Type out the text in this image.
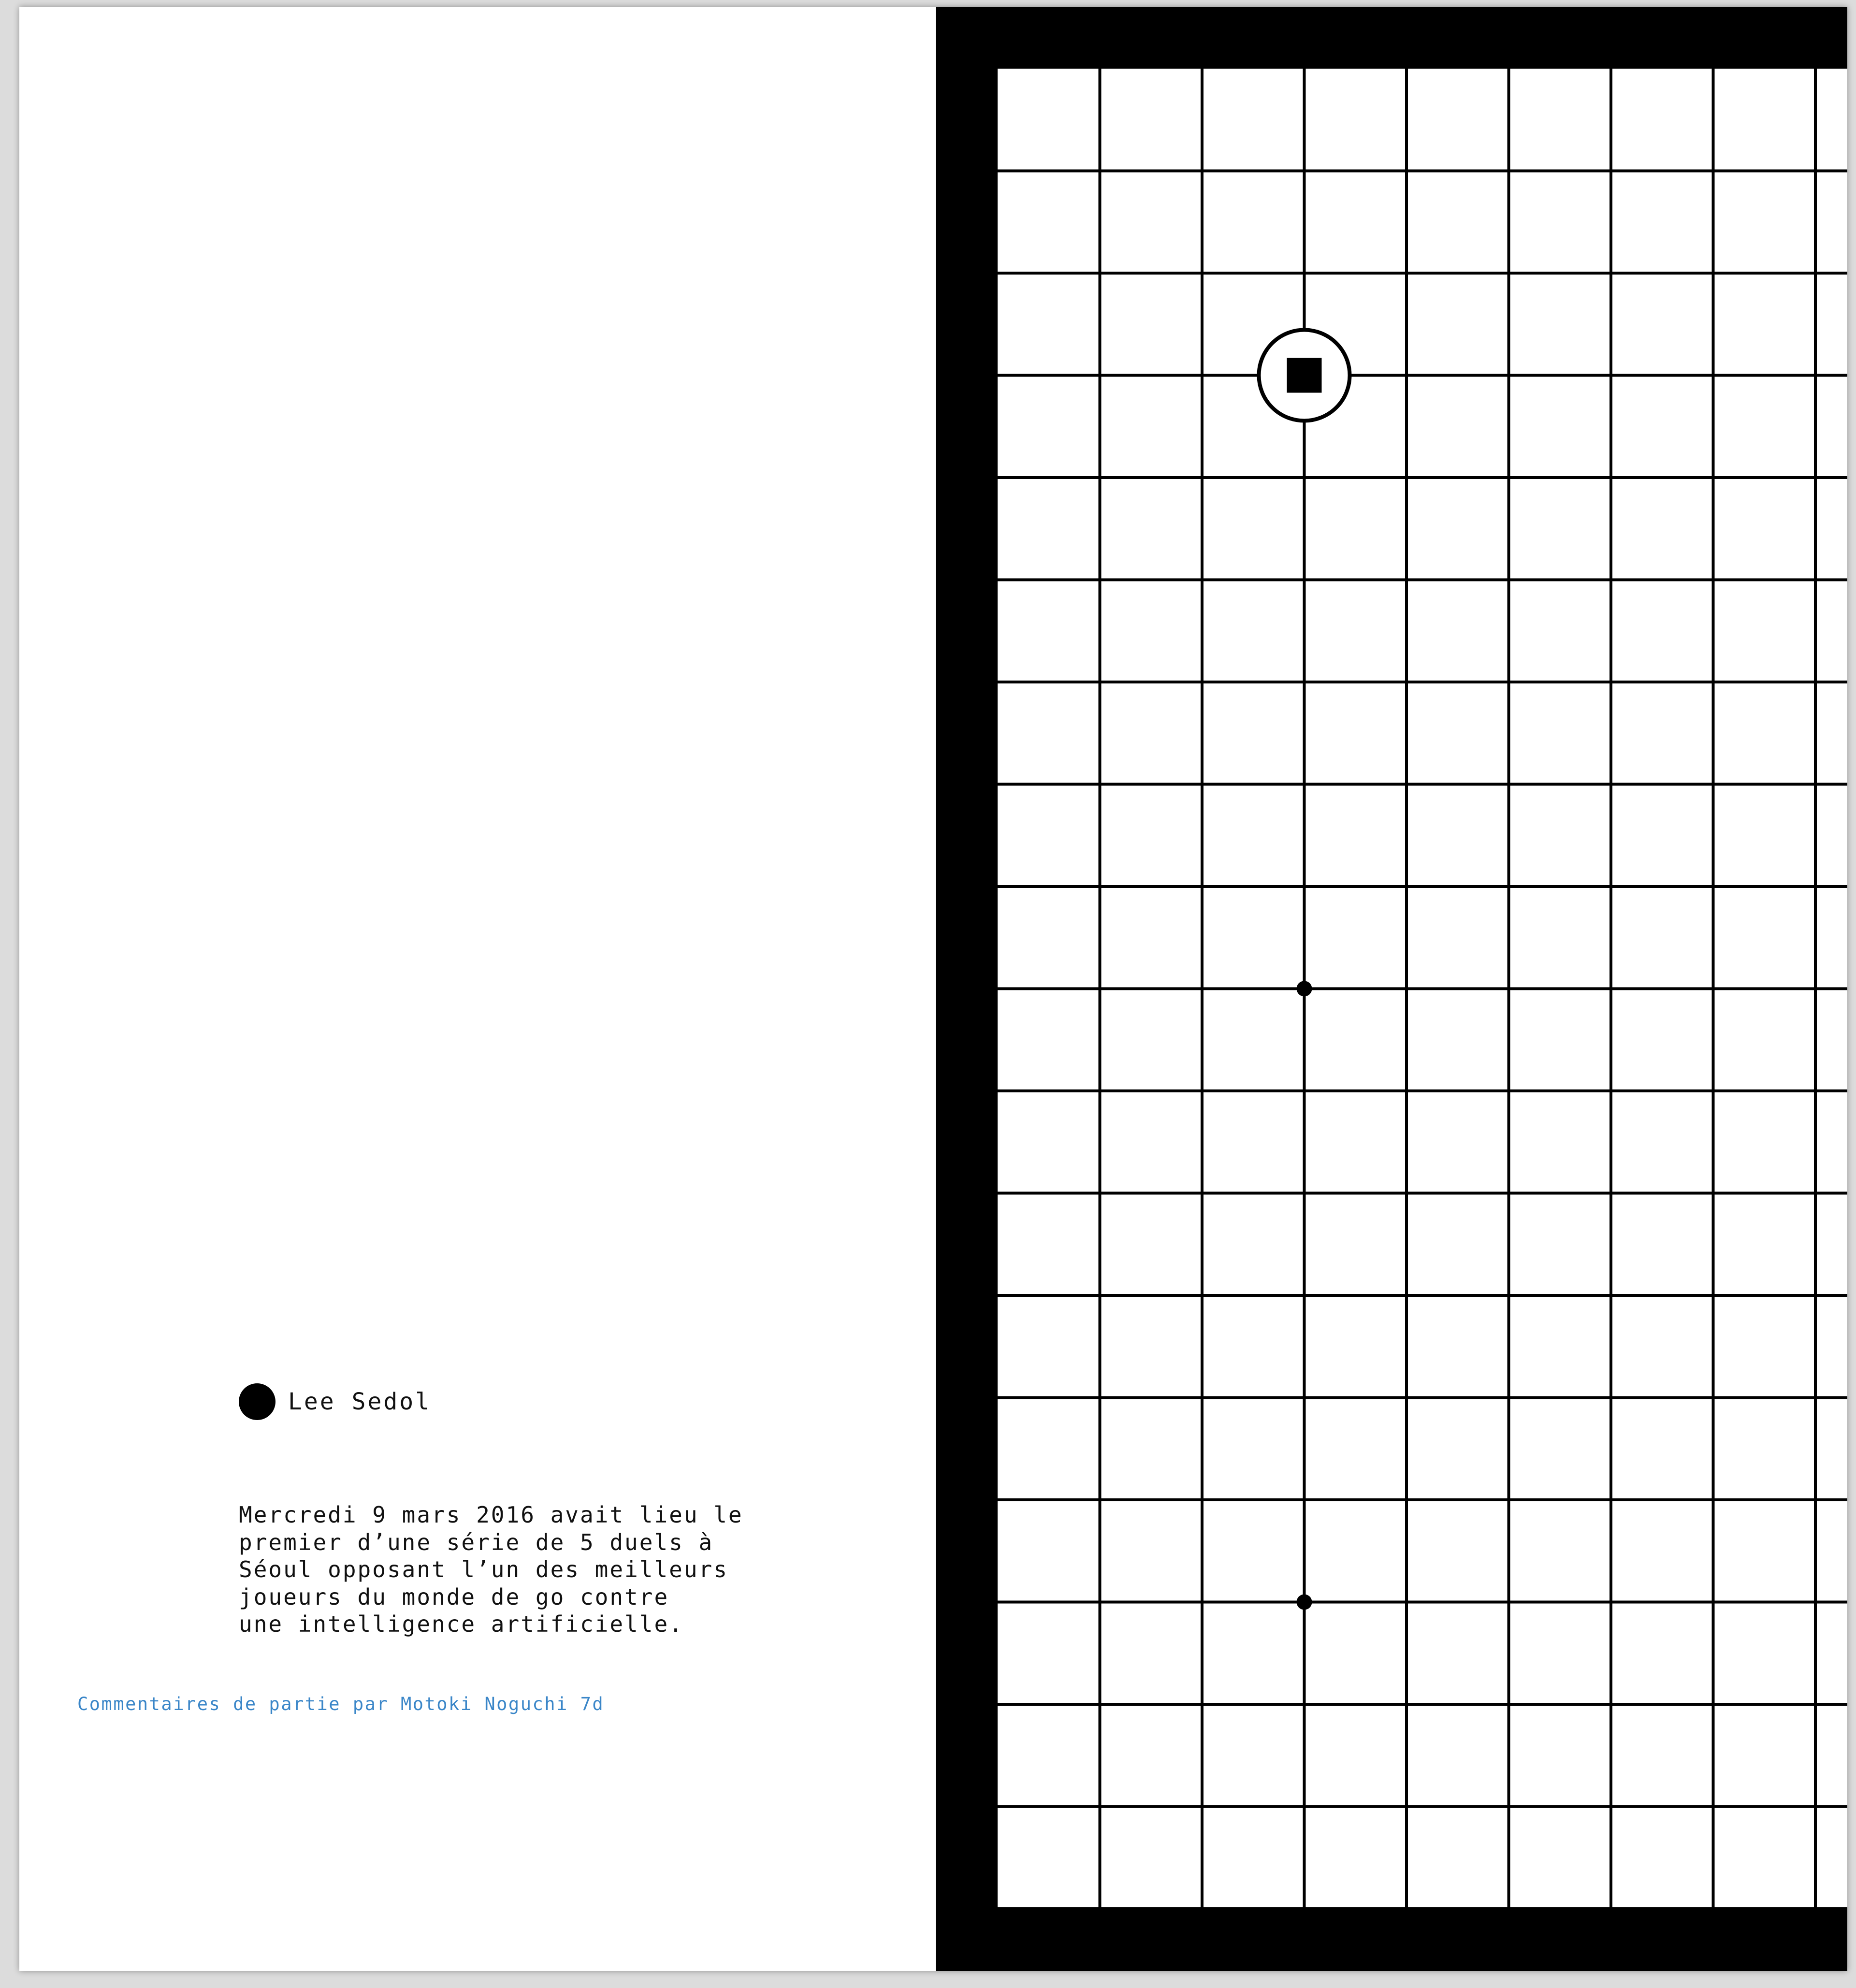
Lee Sedol
Mercredi 9 mars 2016 avait lieu le
premier d’une série de 5 duels à
Séoul opposant l’un des meilleurs
joueurs du monde de go contre
une intelligence artificielle.
Commentaires de partie par Motoki Noguchi 7d
